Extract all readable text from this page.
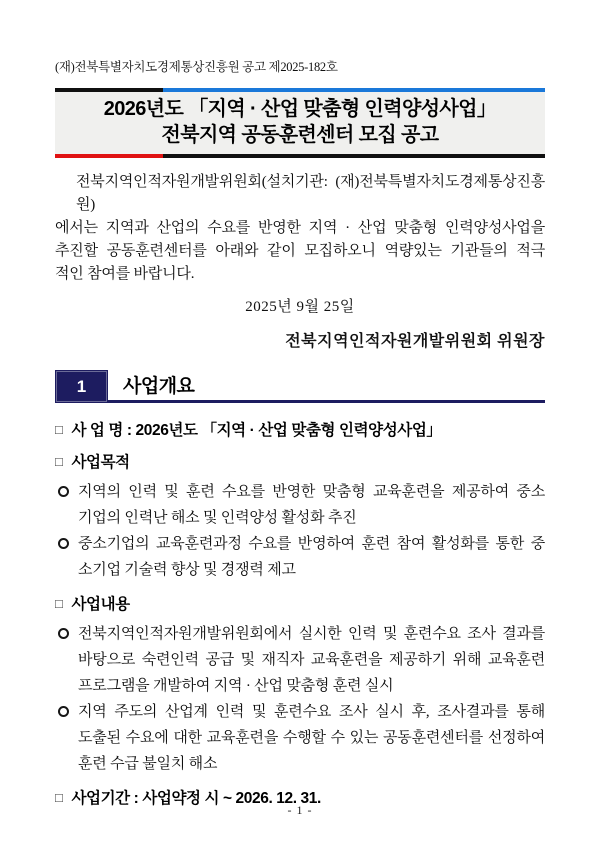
(재)전북특별자치도경제통상진흥원 공고 제2025-182호
2026년도 「지역 · 산업 맞춤형 인력양성사업」
전북지역 공동훈련센터 모집 공고
전북지역인적자원개발위원회(설치기관: (재)전북특별자치도경제통상진흥원)
에서는 지역과 산업의 수요를 반영한 지역 · 산업 맞춤형 인력양성사업을
추진할 공동훈련센터를 아래와 같이 모집하오니 역량있는 기관들의 적극
적인 참여를 바랍니다.
2025년 9월 25일
전북지역인적자원개발위원회 위원장
1	사업개요
□ 사 업 명 : 2026년도 「지역 · 산업 맞춤형 인력양성사업」
□ 사업목적
지역의 인력 및 훈련 수요를 반영한 맞춤형 교육훈련을 제공하여 중소
기업의 인력난 해소 및 인력양성 활성화 추진
중소기업의 교육훈련과정 수요를 반영하여 훈련 참여 활성화를 통한 중
소기업 기술력 향상 및 경쟁력 제고
□ 사업내용
전북지역인적자원개발위원회에서 실시한 인력 및 훈련수요 조사 결과를
바탕으로 숙련인력 공급 및 재직자 교육훈련을 제공하기 위해 교육훈련
프로그램을 개발하여 지역 · 산업 맞춤형 훈련 실시
지역 주도의 산업계 인력 및 훈련수요 조사 실시 후, 조사결과를 통해
도출된 수요에 대한 교육훈련을 수행할 수 있는 공동훈련센터를 선정하여
훈련 수급 불일치 해소
□ 사업기간 : 사업약정 시 ~ 2026. 12. 31.
- 1 -
